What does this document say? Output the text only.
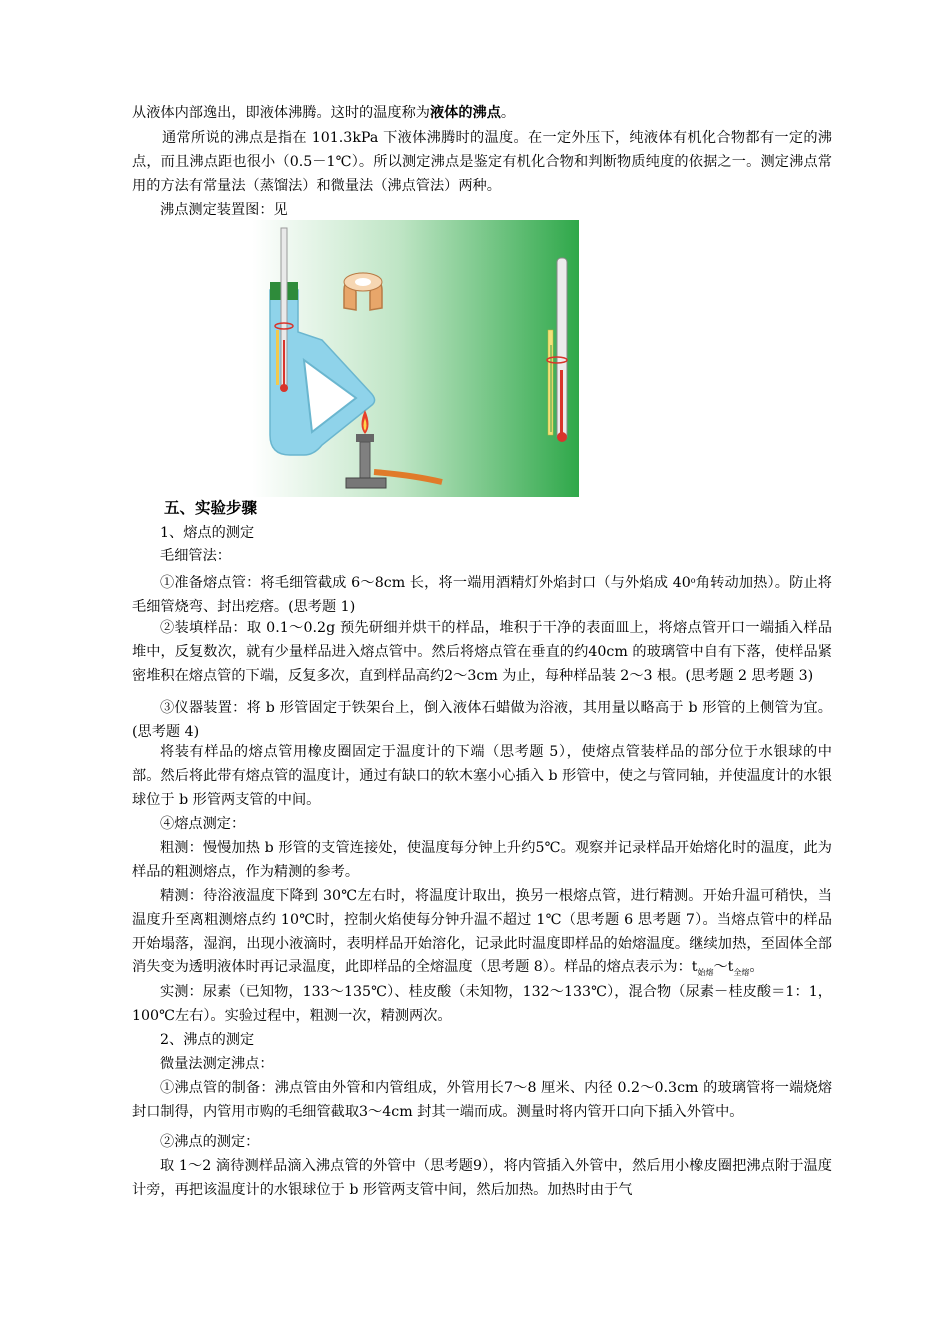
从液体内部逸出，即液体沸腾。这时的温度称为液体的沸点。

通常所说的沸点是指在 101.3kPa 下液体沸腾时的温度。在一定外压下，纯液体有机化合物都有一定的沸点，而且沸点距也很小（0.5－1℃）。所以测定沸点是鉴定有机化合物和判断物质纯度的依据之一。测定沸点常用的方法有常量法（蒸馏法）和微量法（沸点管法）两种。

沸点测定装置图：见

五、实验步骤

1、熔点的测定

毛细管法：

①准备熔点管：将毛细管截成 6～8cm 长，将一端用酒精灯外焰封口（与外焰成 40$^o$角转动加热）。防止将毛细管烧弯、封出疙瘩。(思考题 1)

②装填样品：取 0.1～0.2g 预先研细并烘干的样品，堆积于干净的表面皿上，将熔点管开口一端插入样品堆中，反复数次，就有少量样品进入熔点管中。然后将熔点管在垂直的约40cm 的玻璃管中自有下落，使样品紧密堆积在熔点管的下端，反复多次，直到样品高约2～3cm 为止，每种样品装 2～3 根。(思考题 2 思考题 3)

③仪器装置：将 b 形管固定于铁架台上，倒入液体石蜡做为浴液，其用量以略高于 b 形管的上侧管为宜。(思考题 4)

将装有样品的熔点管用橡皮圈固定于温度计的下端（思考题 5），使熔点管装样品的部分位于水银球的中部。然后将此带有熔点管的温度计，通过有缺口的软木塞小心插入 b 形管中，使之与管同轴，并使温度计的水银球位于 b 形管两支管的中间。

④熔点测定：

粗测：慢慢加热 b 形管的支管连接处，使温度每分钟上升约5℃。观察并记录样品开始熔化时的温度，此为样品的粗测熔点，作为精测的参考。

精测：待浴液温度下降到 30℃左右时，将温度计取出，换另一根熔点管，进行精测。开始升温可稍快，当温度升至离粗测熔点约 10℃时，控制火焰使每分钟升温不超过 1℃（思考题 6 思考题 7）。当熔点管中的样品开始塌落，湿润，出现小液滴时，表明样品开始溶化，记录此时温度即样品的始熔温度。继续加热，至固体全部消失变为透明液体时再记录温度，此即样品的全熔温度（思考题 8）。样品的熔点表示为：$t_{始熔}\sim t_{全熔}$。

实测：尿素（已知物，133～135℃）、桂皮酸（未知物，132～133℃），混合物（尿素－桂皮酸＝1：1，100℃左右）。实验过程中，粗测一次，精测两次。

2、沸点的测定

微量法测定沸点：

①沸点管的制备：沸点管由外管和内管组成，外管用长7～8 厘米、内径 0.2～0.3cm 的玻璃管将一端烧熔封口制得，内管用市购的毛细管截取3～4cm 封其一端而成。测量时将内管开口向下插入外管中。

②沸点的测定：

取 1～2 滴待测样品滴入沸点管的外管中（思考题9），将内管插入外管中，然后用小橡皮圈把沸点附于温度计旁，再把该温度计的水银球位于 b 形管两支管中间，然后加热。加热时由于气
